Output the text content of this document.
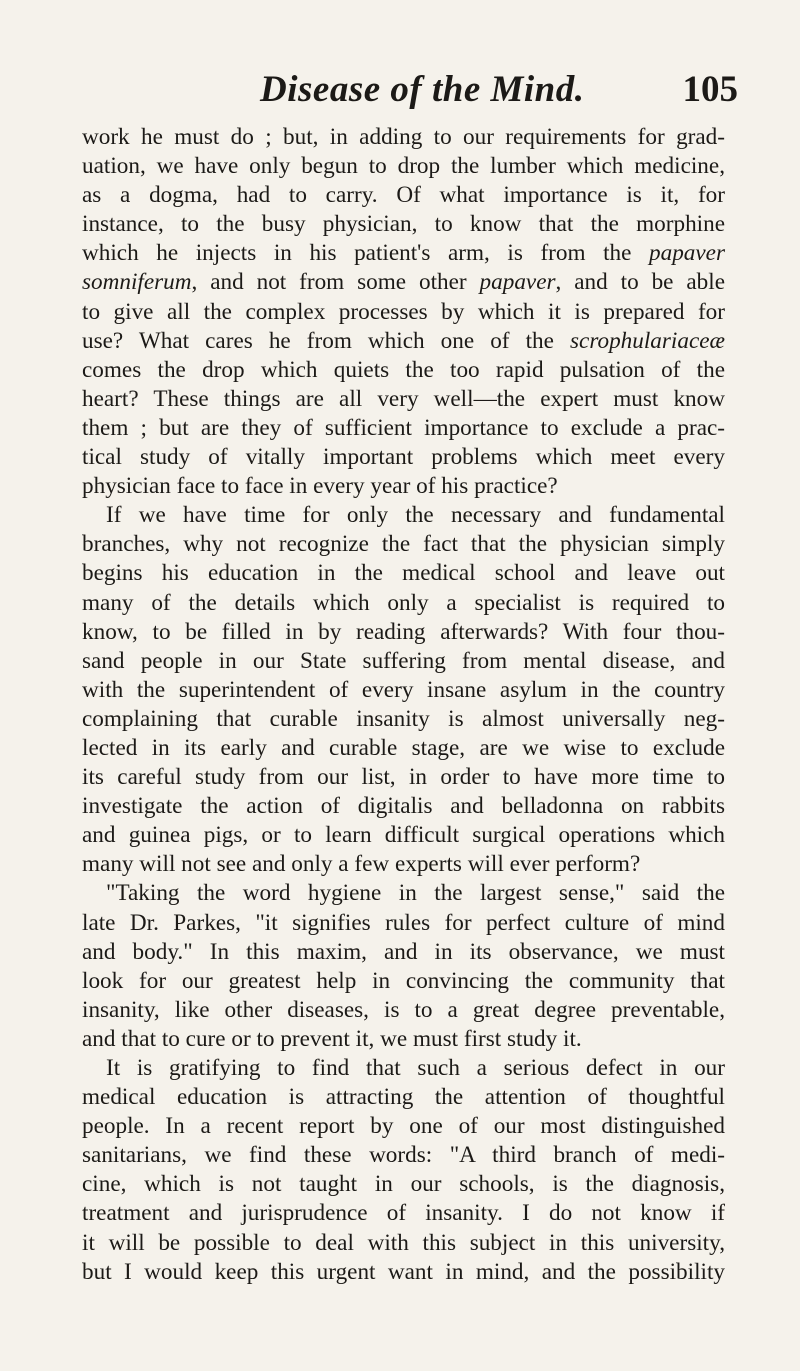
Disease of the Mind.	105
work he must do ; but, in adding to our requirements for grad-
uation, we have only begun to drop the lumber which medicine,
as a dogma, had to carry. Of what importance is it, for
instance, to the busy physician, to know that the morphine
which he injects in his patient's arm, is from the papaver
somniferum, and not from some other papaver, and to be able
to give all the complex processes by which it is prepared for
use? What cares he from which one of the scrophulariaceæ
comes the drop which quiets the too rapid pulsation of the
heart? These things are all very well—the expert must know
them ; but are they of sufficient importance to exclude a prac-
tical study of vitally important problems which meet every
physician face to face in every year of his practice?
If we have time for only the necessary and fundamental
branches, why not recognize the fact that the physician simply
begins his education in the medical school and leave out
many of the details which only a specialist is required to
know, to be filled in by reading afterwards? With four thou-
sand people in our State suffering from mental disease, and
with the superintendent of every insane asylum in the country
complaining that curable insanity is almost universally neg-
lected in its early and curable stage, are we wise to exclude
its careful study from our list, in order to have more time to
investigate the action of digitalis and belladonna on rabbits
and guinea pigs, or to learn difficult surgical operations which
many will not see and only a few experts will ever perform?
"Taking the word hygiene in the largest sense," said the
late Dr. Parkes, "it signifies rules for perfect culture of mind
and body." In this maxim, and in its observance, we must
look for our greatest help in convincing the community that
insanity, like other diseases, is to a great degree preventable,
and that to cure or to prevent it, we must first study it.
It is gratifying to find that such a serious defect in our
medical education is attracting the attention of thoughtful
people. In a recent report by one of our most distinguished
sanitarians, we find these words: "A third branch of medi-
cine, which is not taught in our schools, is the diagnosis,
treatment and jurisprudence of insanity. I do not know if
it will be possible to deal with this subject in this university,
but I would keep this urgent want in mind, and the possibility
